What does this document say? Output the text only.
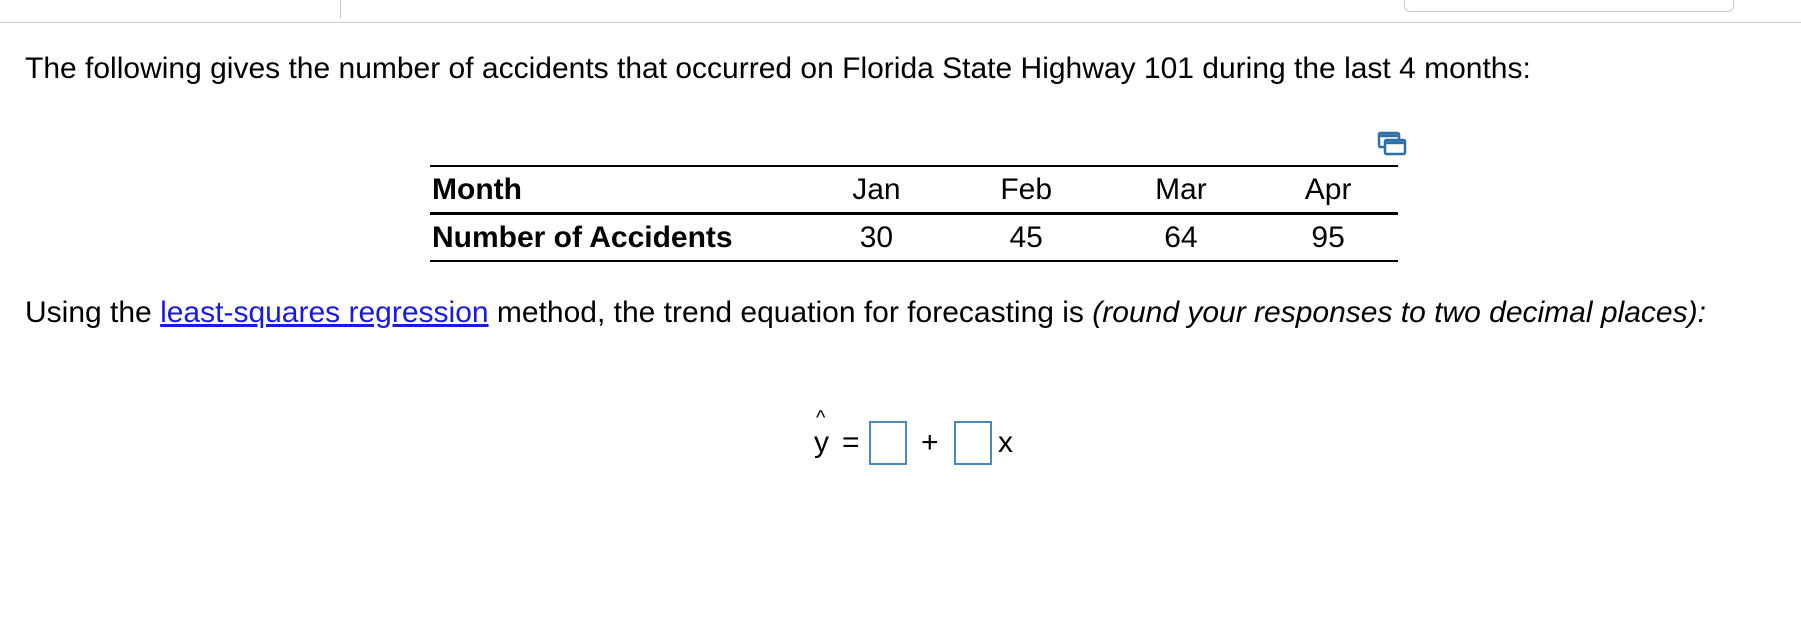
The following gives the number of accidents that occurred on Florida State Highway 101 during the last 4 months:
Month	Jan	Feb	Mar	Apr
Number of Accidents	30	45	64	95
Using the least-squares regression method, the trend equation for forecasting is (round your responses to two decimal places):
^
y = + x
